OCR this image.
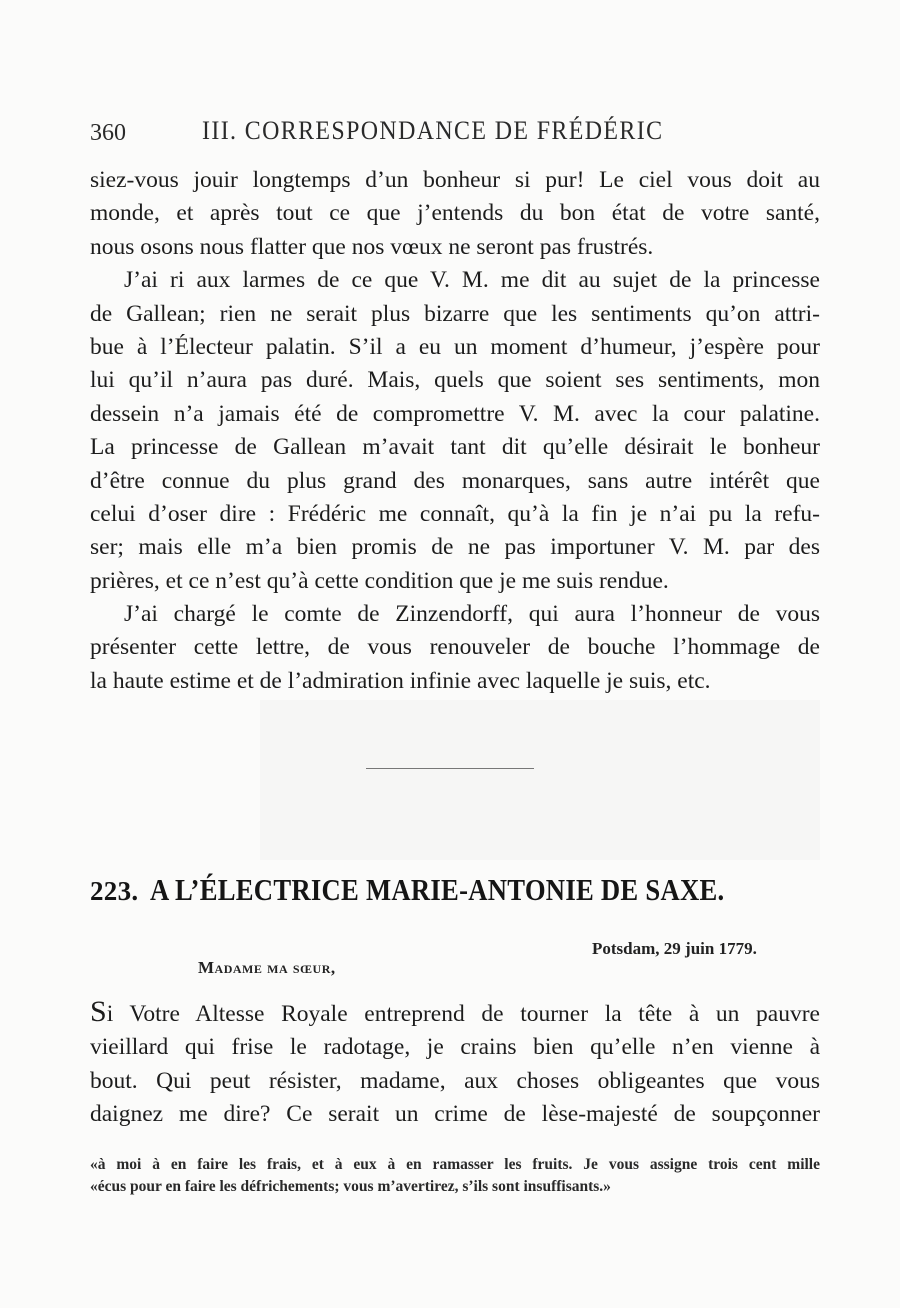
360	III. CORRESPONDANCE DE FRÉDÉRIC
siez-vous jouir longtemps d’un bonheur si pur! Le ciel vous doit au
monde, et après tout ce que j’entends du bon état de votre santé,
nous osons nous flatter que nos vœux ne seront pas frustrés.
J’ai ri aux larmes de ce que V. M. me dit au sujet de la princesse
de Gallean; rien ne serait plus bizarre que les sentiments qu’on attri-
bue à l’Électeur palatin. S’il a eu un moment d’humeur, j’espère pour
lui qu’il n’aura pas duré. Mais, quels que soient ses sentiments, mon
dessein n’a jamais été de compromettre V. M. avec la cour palatine.
La princesse de Gallean m’avait tant dit qu’elle désirait le bonheur
d’être connue du plus grand des monarques, sans autre intérêt que
celui d’oser dire : Frédéric me connaît, qu’à la fin je n’ai pu la refu-
ser; mais elle m’a bien promis de ne pas importuner V. M. par des
prières, et ce n’est qu’à cette condition que je me suis rendue.
J’ai chargé le comte de Zinzendorff, qui aura l’honneur de vous
présenter cette lettre, de vous renouveler de bouche l’hommage de
la haute estime et de l’admiration infinie avec laquelle je suis, etc.
223. A L’ÉLECTRICE MARIE-ANTONIE DE SAXE.
Potsdam, 29 juin 1779.
Madame ma sœur,
Si Votre Altesse Royale entreprend de tourner la tête à un pauvre
vieillard qui frise le radotage, je crains bien qu’elle n’en vienne à
bout. Qui peut résister, madame, aux choses obligeantes que vous
daignez me dire? Ce serait un crime de lèse-majesté de soupçonner
«à moi à en faire les frais, et à eux à en ramasser les fruits. Je vous assigne trois cent mille
«écus pour en faire les défrichements; vous m’avertirez, s’ils sont insuffisants.»
